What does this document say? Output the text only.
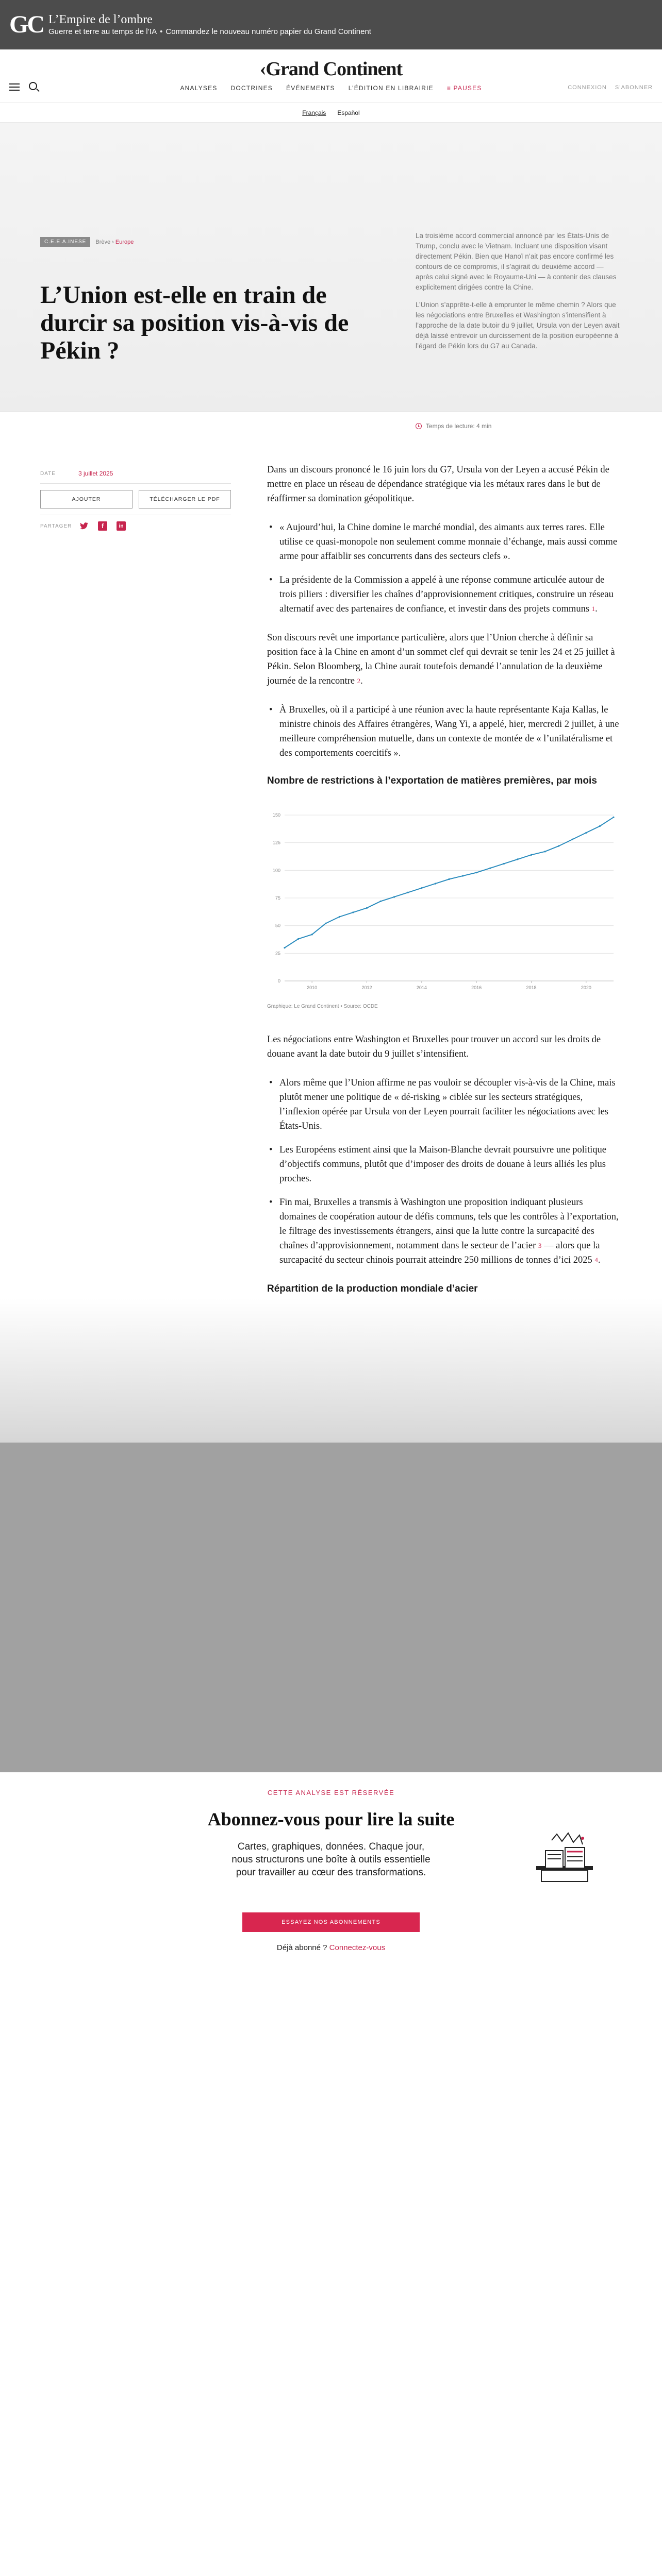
GC L’Empire de l’ombre
Guerre et terre au temps de l’IA • Commandez le nouveau numéro papier du Grand Continent
‹Grand Continent
ANALYSES DOCTRINES ÉVÉNEMENTS L’ÉDITION EN LIBRAIRIE ≡ PAUSES	CONNEXION S’ABONNER
Français Español
C.E.E.A.INESE	Brève › Europe
L’Union est-elle en train de durcir sa position vis-à-vis de Pékin ?

La troisième accord commercial annoncé par les États-Unis de Trump, conclu avec le Vietnam. Incluant une disposition visant directement Pékin. Bien que Hanoï n’ait pas encore confirmé les contours de ce compromis, il s’agirait du deuxième accord — après celui signé avec le Royaume-Uni — à contenir des clauses explicitement dirigées contre la Chine.

L’Union s’apprête-t-elle à emprunter le même chemin ? Alors que les négociations entre Bruxelles et Washington s’intensifient à l’approche de la date butoir du 9 juillet, Ursula von der Leyen avait déjà laissé entrevoir un durcissement de la position européenne à l’égard de Pékin lors du G7 au Canada.

Temps de lecture: 4 min
DATE	3 juillet 2025
AJOUTER	TÉLÉCHARGER LE PDF
PARTAGER	f	in

Dans un discours prononcé le 16 juin lors du G7, Ursula von der Leyen a accusé Pékin de mettre en place un réseau de dépendance stratégique via les métaux rares dans le but de réaffirmer sa domination géopolitique.

• « Aujourd’hui, la Chine domine le marché mondial, des aimants aux terres rares. Elle utilise ce quasi-monopole non seulement comme monnaie d’échange, mais aussi comme arme pour affaiblir ses concurrents dans des secteurs clefs ».
• La présidente de la Commission a appelé à une réponse commune articulée autour de trois piliers : diversifier les chaînes d’approvisionnement critiques, construire un réseau alternatif avec des partenaires de confiance, et investir dans des projets communs $^1$.

Son discours revêt une importance particulière, alors que l’Union cherche à définir sa position face à la Chine en amont d’un sommet clef qui devrait se tenir les 24 et 25 juillet à Pékin. Selon Bloomberg, la Chine aurait toutefois demandé l’annulation de la deuxième journée de la rencontre $^2$.

• À Bruxelles, où il a participé à une réunion avec la haute représentante Kaja Kallas, le ministre chinois des Affaires étrangères, Wang Yi, a appelé, hier, mercredi 2 juillet, à une meilleure compréhension mutuelle, dans un contexte de montée de « l’unilatéralisme et des comportements coercitifs ».
Nombre de restrictions à l’exportation de matières premières, par mois
0
25
50
75
100
125
150
2010	2012	2014	2016	2018	2020
Graphique: Le Grand Continent • Source: OCDE

Les négociations entre Washington et Bruxelles pour trouver un accord sur les droits de douane avant la date butoir du 9 juillet s’intensifient.

• Alors même que l’Union affirme ne pas vouloir se découpler vis-à-vis de la Chine, mais plutôt mener une politique de « dé-risking » ciblée sur les secteurs stratégiques, l’inflexion opérée par Ursula von der Leyen pourrait faciliter les négociations avec les États-Unis.
• Les Européens estiment ainsi que la Maison-Blanche devrait poursuivre une politique d’objectifs communs, plutôt que d’imposer des droits de douane à leurs alliés les plus proches.
• Fin mai, Bruxelles a transmis à Washington une proposition indiquant plusieurs domaines de coopération autour de défis communs, tels que les contrôles à l’exportation, le filtrage des investissements étrangers, ainsi que la lutte contre la surcapacité des chaînes d’approvisionnement, notamment dans le secteur de l’acier $^3$ — alors que la surcapacité du secteur chinois pourrait atteindre 250 millions de tonnes d’ici 2025 $^4$.
Répartition de la production mondiale d’acier
CETTE ANALYSE EST RÉSERVÉE
Abonnez-vous pour lire la suite
Cartes, graphiques, données. Chaque jour, nous structurons une boîte à outils essentielle pour travailler au cœur des transformations.
ESSAYEZ NOS ABONNEMENTS
Déjà abonné ? Connectez-vous
